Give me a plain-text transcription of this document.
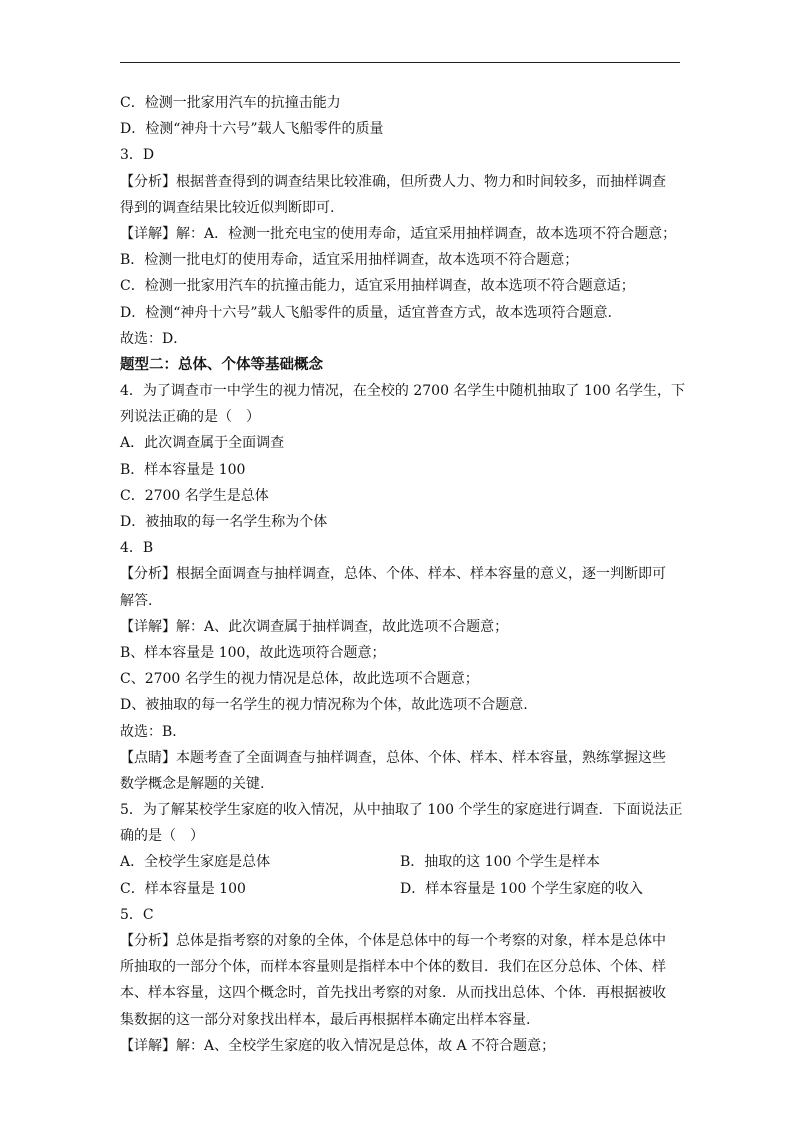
C．检测一批家用汽车的抗撞击能力
D．检测“神舟十六号”载人飞船零件的质量
3．D
【分析】根据普查得到的调查结果比较准确，但所费人力、物力和时间较多，而抽样调查
得到的调查结果比较近似判断即可.
【详解】解：A．检测一批充电宝的使用寿命，适宜采用抽样调查，故本选项不符合题意；
B．检测一批电灯的使用寿命，适宜采用抽样调查，故本选项不符合题意；
C．检测一批家用汽车的抗撞击能力，适宜采用抽样调查，故本选项不符合题意适；
D．检测“神舟十六号”载人飞船零件的质量，适宜普查方式，故本选项符合题意.
故选：D．
题型二：总体、个体等基础概念
4．为了调查市一中学生的视力情况，在全校的 2700 名学生中随机抽取了 100 名学生，下
列说法正确的是（　）
A．此次调查属于全面调查
B．样本容量是 100
C．2700 名学生是总体
D．被抽取的每一名学生称为个体
4．B
【分析】根据全面调查与抽样调查，总体、个体、样本、样本容量的意义，逐一判断即可
解答.
【详解】解：A、此次调查属于抽样调查，故此选项不合题意；
B、样本容量是 100，故此选项符合题意；
C、2700 名学生的视力情况是总体，故此选项不合题意；
D、被抽取的每一名学生的视力情况称为个体，故此选项不合题意.
故选：B．
【点睛】本题考查了全面调查与抽样调查，总体、个体、样本、样本容量，熟练掌握这些
数学概念是解题的关键.
5．为了解某校学生家庭的收入情况，从中抽取了 100 个学生的家庭进行调查．下面说法正
确的是（　）
A．全校学生家庭是总体	B．抽取的这 100 个学生是样本
C．样本容量是 100	D．样本容量是 100 个学生家庭的收入
5．C
【分析】总体是指考察的对象的全体，个体是总体中的每一个考察的对象，样本是总体中
所抽取的一部分个体，而样本容量则是指样本中个体的数目．我们在区分总体、个体、样
本、样本容量，这四个概念时，首先找出考察的对象．从而找出总体、个体．再根据被收
集数据的这一部分对象找出样本，最后再根据样本确定出样本容量.
【详解】解：A、全校学生家庭的收入情况是总体，故 A 不符合题意；
